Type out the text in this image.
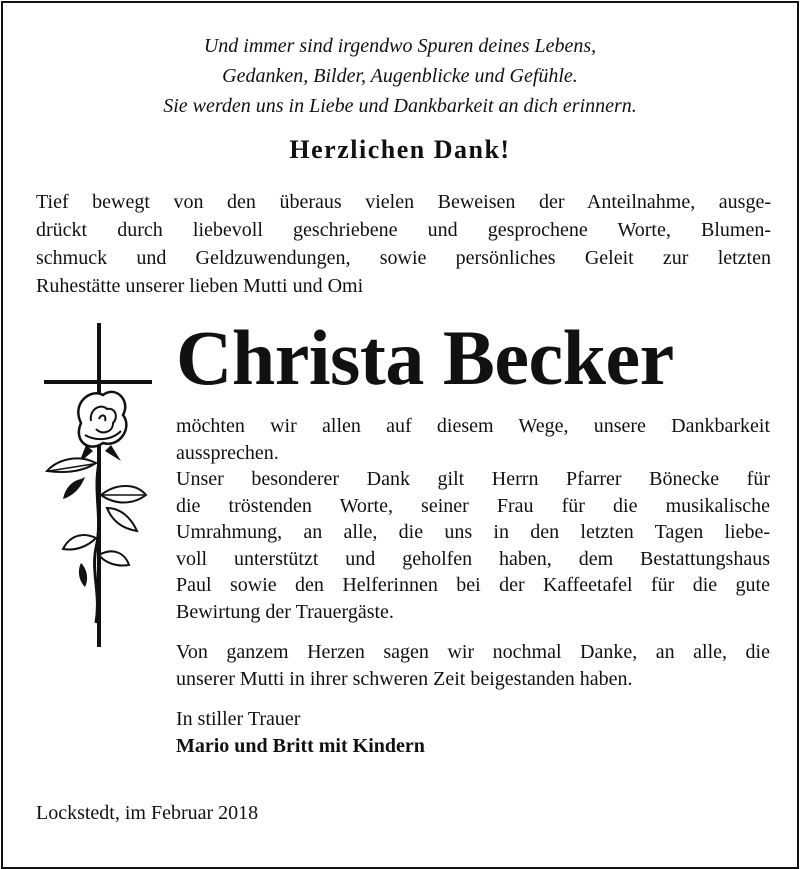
Und immer sind irgendwo Spuren deines Lebens,
Gedanken, Bilder, Augenblicke und Gefühle.
Sie werden uns in Liebe und Dankbarkeit an dich erinnern.
Herzlichen Dank!
Tief bewegt von den überaus vielen Beweisen der Anteilnahme, ausge-
drückt durch liebevoll geschriebene und gesprochene Worte, Blumen-
schmuck und Geldzuwendungen, sowie persönliches Geleit zur letzten
Ruhestätte unserer lieben Mutti und Omi
Christa Becker
möchten wir allen auf diesem Wege, unsere Dankbarkeit
aussprechen.
Unser besonderer Dank gilt Herrn Pfarrer Bönecke für
die tröstenden Worte, seiner Frau für die musikalische
Umrahmung, an alle, die uns in den letzten Tagen liebe-
voll unterstützt und geholfen haben, dem Bestattungshaus
Paul sowie den Helferinnen bei der Kaffeetafel für die gute
Bewirtung der Trauergäste.
Von ganzem Herzen sagen wir nochmal Danke, an alle, die
unserer Mutti in ihrer schweren Zeit beigestanden haben.
In stiller Trauer
Mario und Britt mit Kindern
Lockstedt, im Februar 2018
